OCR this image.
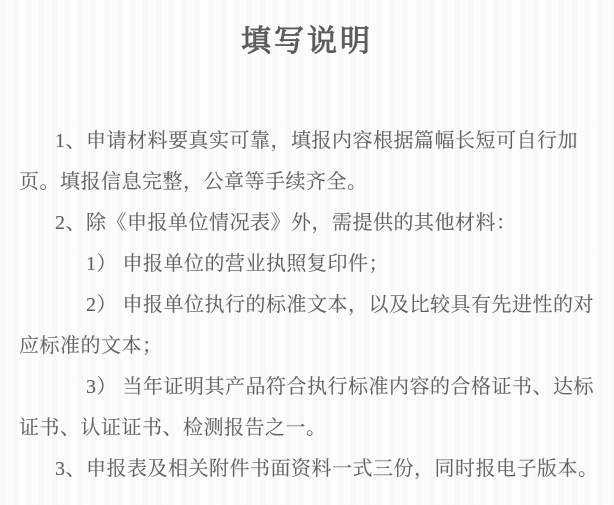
填写说明
1、申请材料要真实可靠，填报内容根据篇幅长短可自行加
页。填报信息完整，公章等手续齐全。
2、除《申报单位情况表》外，需提供的其他材料：
1） 申报单位的营业执照复印件；
2） 申报单位执行的标准文本，以及比较具有先进性的对
应标准的文本；
3） 当年证明其产品符合执行标准内容的合格证书、达标
证书、认证证书、检测报告之一。
3、申报表及相关附件书面资料一式三份，同时报电子版本。
